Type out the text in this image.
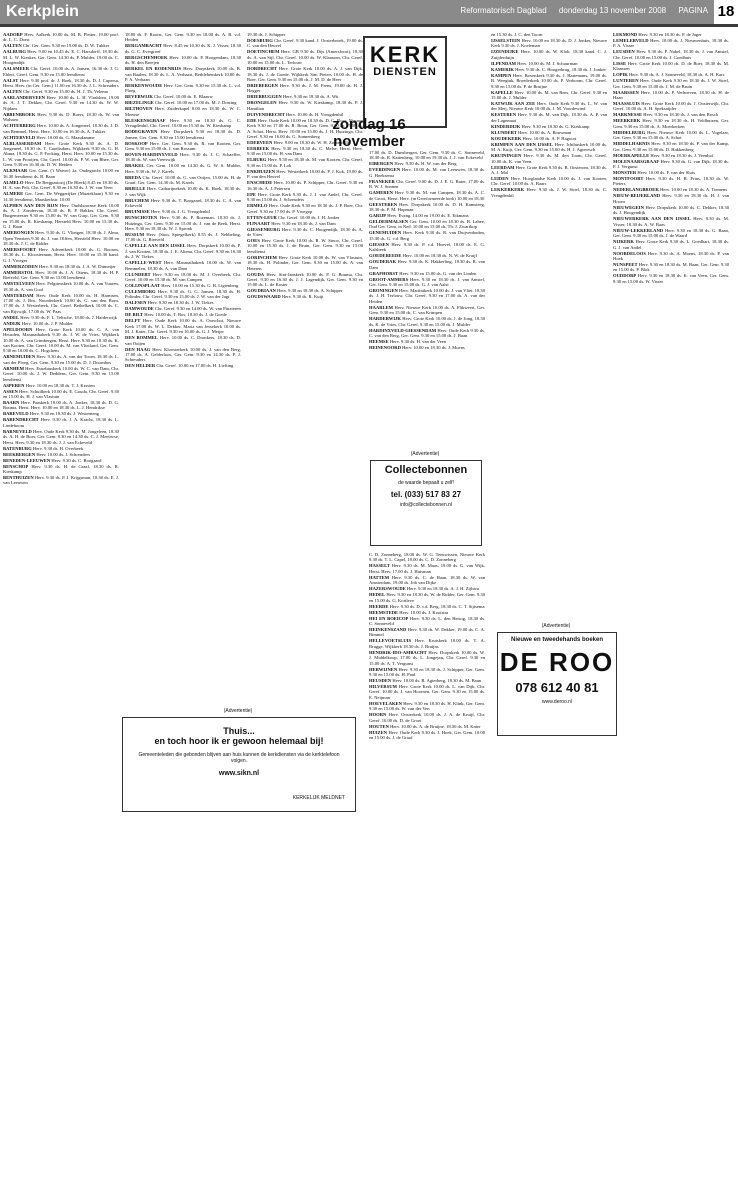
Kerkplein	Reformatorisch Dagblad donderdag 13 november 2008 PAGINA 18

AADORP Herv. Aalkerk 10.00 ds. M. B. Pletter, 19.00 prof. dr. L. C. Dorst

AALTEN Chr. Ger. Gem. 9.30 en 19.00 ds. D. W. Tukker

AALBURG Herv. 9.00 en 10.45 ds. E. C. Harsdorff, 18.30 ds. M. L. W. Kieskes, Ger. Gem. 14.30 ds. P. Mulder, 19.00 ds. C. Hoogendijk

AALSMEER Chr. Geref. 10.00 ds. A. Jansen, 16.30 ds. J. G. Ehlert, Geref. Gem. 9.30 en 15.00 leesdienst

AALST Herv. 9.30 prof. dr. J. Hoek, 18.30 ds. D. J. Cupersa, Herst. Herv. (in Ger. Gem.) 11.00 en 16.30 ds. J. L. Schreuders

AALTEN Chr. Geref. 9.30 en 15.00 ds. H. J. Th. Velema

AARLANDERVEEN Herv. 10.00 ds. L. H. Vlasblom, 19.00 ds. A. J. T. Dekker, Chr. Geref. 9.30 en 14.30 ds. W. W. Nijdam

ABBENBROEK Herv. 9.30 ds. D. Boers, 18.30 ds. W. van Walsum

ACHTERBERG Herv. 10.00 ds. A. Jongeneel, 18.30 ds. J. D. van Bemmel, Herst. Herv. 10.00 en 16.30 ds. A. Tukker

ACHTERVELD Herv. 10.00 ds. G. Maasdamme

ALBLASSERDAM Herv. Grote Kerk 9.30 ds. A. D. Jongeneel, 18.30 ds. T. Careltsdam, Wijkkerk 9.30 ds. G. H. Abma, 18.30 ds. G. P. Focking, Herst. Herv. 10.00 en 15.30 ds. L. W. van Prooijen, Chr. Geref. 10.00 ds. P. W. van Rhee, Ger. Gem. 9.30 en 16.30 ds. D. W. Heiden

ALKMAAR Ger. Gem. ('t Waiver) 2a, Oudegracht 10.00 en 16.30 leesdienst ds. B. Baan

ALMELO Herv. De Bergpastorij (De Bleek) 8.45 en 18.30 ds. H. A. van Pelt, Chr. Geref. 9.30 en 16.30 ds. J. W. van Veen

ALMERE Ger. Gem. De Weggerijker (Muzieklaan) 9.30 en 14.30 leesdienst, Maaskerkstr. 10.00

ALPHEN AAN DEN RIJN Herv. Oudshoornse Kerk 10.00 ds. A. J. Zondervan, 18.30 ds. B. P. Bakker, Chr. Geref. Burgemeester 9.30 en 15.00 ds. W. van Gurp, Ger. Gem. 9.30 en 15.00 ds. R. Kieskamp, Hersteld Herv. 10.00 en 15.30 ds. G. J. Baan

AMERONGEN Herv. 9.30 ds. G. Vlietgen, 18.30 ds. J. Alma, Open Vensters 9.30 ds. J. van Olffen, Hersteld Herv. 10.00 en 18.30 ds. J. C. de Ridder

AMERSFOORT Herv. Adventkerk 10.00 ds. G. Roosen, 18.30 ds. L. Kloosterman, Herst. Herv. 10.00 en 15.30 kand. G. J. Vroeger

AMMERZODEN Herv. 9.30 en 18.30 ds. J. A. W. Ditmeijer

AMMERSTOL Herv. 10.00 ds. J. A. Ottens, 18.30 ds. H. P. Rietveld, Ger. Gem. 9.30 en 15.00 leesdienst

AMSTELVEEN Herv. Pelgrimskerk 10.00 ds. A. van Vuuren, 18.30 ds. A. van Gool

AMSTERDAM Herv. Oude Kerk 10.00 ds. H. Harmsen, 17.00 ds. J. Bos, Noorderkerk 10.00 ds. G. van den Born, 17.00 ds. J. Westerbeek, Chr. Geref. Bethelkerk 10.00 ds. C. van Rijswijk, 17.00 ds. W. Paas

ANDEL Herv. 9.30 ds. F. L. Teltsche, 18.00 ds. J. Harderwijk

ANDIJK Herv. 10.00 ds. J. P. Mulder

APELDOORN Herv. Grote Kerk 10.00 ds. C. A. van Heusden, Maranathakerk 9.30 ds. J. W. de Vries, Wijkkerk 10.00 ds. A. van Grimbergen, Herst. Herv. 9.30 en 18.30 ds. K. van Kooten, Chr. Geref. 10.00 ds. M. van Vlietland, Ger. Gem. 9.30 en 16.00 ds. C. Hogchem

ARNEMUIDEN Herv. 9.30 ds. A. van der Toorn, 18.30 ds. L. van der Ploeg, Ger. Gem. 9.30 en 15.00 ds. D. J. Doornbos

ARNHEM Herv. Eusebiuskerk 10.00 ds. W. C. van Dam, Chr. Geref. 10.00 ds. J. W. Deddens, Ger. Gem. 9.30 en 15.00 leesdienst

ASPEREN Herv. 10.00 en 18.30 ds. T. J. Kersten

ASSEN Herv. Schuilkerk 10.00 ds. E. Gouda, Chr. Geref. 9.30 en 15.00 ds. H. J. van Vlastuin

BAARN Herv. Paaskerk 10.00 ds. A. Jonker, 18.30 ds. D. G. Bouma, Herst. Herv. 10.00 en 18.30 ds. L. J. Hendrikse

BAREVELD Herv. 9.30 en 18.30 ds. J. Westerneng

BARENDRECHT Herv. 9.30 ds. J. A. Kracht, 18.30 ds. L. Lindeboom

BARNEVELD Herv. Oude Kerk 9.30 ds. M. Jongeleen, 18.30 ds. A. H. de Boer, Ger. Gem. 9.30 en 14.30 ds. C. J. Meeuwse, Herst. Herv. 9.30 en 18.30 ds. J. J. van Eckeveld

BATENBURG Herv. 9.30 ds. H. Overbeek

BEEKBERGEN Herv. 10.00 ds. J. Schreuders

BENEDEN-LEEUWEN Herv. 9.30 ds. C. Boogaard

BENSCHOP Herv. 9.30 ds. H. de Graaf, 18.30 ds. R. Kieskamp

BENTHUIZEN Herv. 9.30 ds. P. J. Krijgsman, 18.30 ds. E. J. van Leeuwen

18.00 ds. F. Rootst, Ger. Gem. 9.30 en 18.00 ds. A. B. v.d. Heiden

BERGAMBACHT Herv. 8.45 en 10.30 ds. K. J. Visser, 18.30 ds. G. C. Evergroef

BERGSCHENHOEK Herv. 10.00 ds. P. Hoogendam, 18.30 ds. H. den Breejen

BERKEL EN RODENRIJS Herv. Dorpskerk 10.00 ds. B. van Baalen, 18.30 ds. L. A. Verhaart, Bethlehemkerk 10.00 ds. P. A. Verbaan

BERKENWOUDE Herv. Ger. Gem. 9.30 en 15.30 ds. L. v.d. Ploeg

BEVERWIJK Chr. Geref. 10.00 ds. E. Blaauw

BIEZELINGE Chr. Geref. 10.00 en 17.00 ds. M. J. Dosting

BILTHOVEN Herv. Zuiderkapel 8.00 en 18.30 ds. W. C. Meeuse

BLESKENSGRAAF Herv. 9.30 en 18.30 ds. G. C. Vreugdenhil, Chr. Geref. 10.00 en 15.30 ds. W. Kieskamp

BODEGRAVEN Herv. Dorpskerk 9.30 en 18.30 ds. D. Jansen, Ger. Gem. 9.30 en 15.00 leesdienst

BOSKOOP Herv. Ger. Gem. 9.30 ds. R. van Kooten, Ger. Gem. 9.30 en 15.00 ds. J. van Rossum

BOVEN-HARDINXVELD Herv. 9.30 ds. J. C. Schaeffer, 18.30 ds. W. van Vreeswijk

BRAKEL Ger. Gem. 10.00 en 14.30 ds. G. W. S. Mulder, Herv. 9.30 ds. W. J. Karels

BREDA Chr. Geref. 10.00 ds. G. van Ooijen, 15.00 ds. H. de Graaf, Ger. Gem. 14.30 ds. M. Karels

BRIELLE Herv. Catharijnekerk 10.00 ds. K. Hoek, 18.30 ds. J. van Wijk

BRUCHEM Herv. 9.30 ds. T. Boogaard, 18.30 ds. C. A. van Eckeveld

BRUINISSE Herv. 9.30 ds. J. G. Vreugdenhil

BUNSCHOTEN Herv. 9.30 ds. P. Rozeman, 18.30 ds. J. Huizinga, Ger. Gem. 9.30 en 15.00 ds. J. van de Beek, Herst. Herv. 9.30 en 18.30 ds. W. J. Spronk

BUSSUM Herv. (Sion, Spiegelkerk) 8.55 ds. J. Nebbeling, 17.00 ds. G. Rietveld

CAPELLE AAN DEN IJSSEL Herv. Dorpskerk 10.00 ds. P. J. van Kooten, 18.30 ds. J. E. Altena, Chr. Geref. 9.30 en 16.30 ds. J. W. Tiekes

CAPELLE-WEST Herv. Maranathakerk 10.00 ds. W. van Bemmelen, 18.30 ds. A. van Dam

CLUNDERT Herv. 9.30 en 18.00 ds. M. J. Overbeek, Chr. Geref. 10.00 en 15.30 ds. M. van Campen

COLIJNSPLAAT Herv. 10.00 en 15.30 ds. G. B. Ligtenberg

CULEMBORG Herv. 9.30 ds. G. G. Jansen, 18.30 ds. H. Polinder, Chr. Geref. 9.30 en 15.00 ds. J. W. van der Jagt

DALFSEN Herv. 9.30 en 18.30 ds. J. W. Tiekes

DAMWOUDE Chr. Geref. 9.30 en 14.00 ds. W. van Pinxteren

DE BILT Herv. 10.00 ds. T. Bos, 18.30 ds. J. de Goede

DELFT Herv. Oude Kerk 10.00 ds. A. Oorschot, Nieuwe Kerk 17.00 ds. W. L. Dekker, Maria van Jessekerk 10.00 ds. M. J. Kater, Chr. Geref. 9.30 en 16.00 ds. G. J. Meijer

DEN BOMMEL Herv. 10.00 ds. C. Dronkers, 18.30 ds. D. van Ooijen

DEN HAAG Herv. Kloosterkerk 10.00 ds. J. van den Berg, 17.00 ds. A. Gelderloos, Ger. Gem. 9.30 en 14.30 ds. P. J. Schreuders

DEN HELDER Chr. Geref. 10.00 en 17.00 ds. H. Liefting

19.30 ds. J. Schipper

DOESBURG Chr. Geref. 9.30 kand. J. Oosterbroek, 19.00 ds. C. van den Heuvel

DOETINCHEM Herv. GB 9.30 ds. Dijs (Amersfoort), 18.30 ds. A. van Sijl, Chr. Geref. 10.00 ds. W. Klaassen, Chr. Geref. 10.00 en 15.00 ds. L. Terlouw

DORDRECHT Herv. Grote Kerk 10.00 ds. A. J. van Dijk, 18.30 ds. J. de Goede, Wijkkerk Sint Pieters 10.00 ds. H. de Boer, Ger. Gem. 9.30 en 15.00 ds. J. M. D. de Heer

DRIEBERGEN Herv. 9.30 ds. J. M. Frens, 19.00 ds. H. J. Hegger

DRIEBRUGGEN Herv. 9.30 en 18.30 ds. A. Wit

DRONGELEN Herv. 9.30 ds. W. Kieskamp, 18.30 ds. P. J. Hamilton

DUIVENDRECHT Herv. 10.00 ds. H. Vreugdenhil

EDE Herv. Oude Kerk 10.00 en 18.30 ds. D. C. Floor, Nieuwe Kerk 9.30 en 17.00 ds. R. Boon, Ger. Gem. 9.30 en 17.00 ds. A. Schot, Herst. Herv. 10.00 en 15.00 ds. J. H. Huizinga, Chr. Geref. 9.30 en 16.00 ds. G. Sonnenberg

EDERVEEN Herv. 9.00 en 18.30 ds. W. H. Zoutewelle

EERBEEK Herv. 9.30 en 18.30 ds. C. Melse, Herst. Herv. 9.30 en 15.00 ds. H. van Dam

ELBURG Herv. 9.30 en 18.30 ds. M. van Kooten, Chr. Geref. 9.30 en 15.00 ds. P. Lok

ENKHUIZEN Herv. Westerkerk 10.00 ds. P. J. Kok, 19.00 ds. P. van den Heuvel

ENSCHEDE Herv. 10.00 ds. P. Schipper, Chr. Geref. 9.30 en 16.30 ds. A. J. Petersen

EPE Herv. Grote Kerk 9.30 ds. J. J. van Andel, Chr. Geref. 9.30 en 15.00 ds. J. Schreuders

ERMELO Herv. Oude Kerk 9.30 en 18.30 ds. J. P. Boer, Chr. Geref. 9.30 en 17.00 ds. P. Vroegop

ETTEN-LEUR Chr. Geref. 10.00 ds. J. H. Jonker

FIJNAART Herv. 9.30 en 18.30 ds. J. van Dam

GIESSENBURG Herv. 9.30 ds. C. Hoogendijk, 18.30 ds. A. de Vries

GOES Herv. Grote Kerk 10.00 ds. R. W. Sinoo, Chr. Geref. 10.00 en 15.30 ds. J. de Bruin, Ger. Gem. 9.30 en 15.00 leesdienst

GORINCHEM Herv. Grote Kerk 10.00 ds. W. van Vlastuin, 18.30 ds. H. Polinder, Ger. Gem. 9.30 en 15.00 ds. A. van Heteren

GOUDA Herv. Sint-Janskerk 10.00 ds. P. G. Bouma, Chr. Geref. 9.30 en 16.30 ds. J. J. Lagendijk, Ger. Gem. 9.30 en 15.00 ds. L. de Koster

GOUDRIAAN Herv. 9.30 en 18.30 ds. A. Schipper

GOUDSWAARD Herv. 9.30 ds. R. Kuijt

17.00 ds. D. Dunsbergen, Ger. Gem. 9.30 ds. C. Sonneveld, 18.30 ds. R. Kattenberg, 10.00 en 19.30 ds. J. J. van Eckeveld

EIBERGEN Herv. 9.30 ds. H. W. van der Berg

EVERDINGEN Herv. 10.00 ds. M. van Leeuwen, 18.30 ds. G. Hoeksema

FRANEKER Chr. Geref. 9.00 ds. D. J. E. G. Rater, 17.00 ds. R. W. J. Sonnen

GAMEREN Herv. 9.30 ds. M. van Campen, 18.30 ds. A. C. de Groot, Herst. Herv. (in Gereformeerde kerk) 10.00 en 18.30

GEESTEREN Herv. Dorpskerk 10.00 ds. D. H. Kamsteeg, 18.30 ds. P. M. Hopman

GARIJP Herv. Evang. 14.00 en 19.00 ds. E. Eikmans

GELDERMALSEN Ger. Gem. 10.00 en 18.30 ds. B. Labee, Oud Ger. Gem. in Ned. 10.00 en 15.00 ds. Th. J. Zwartkop

GENEMUIDEN Herv. Kerk 9.30 ds. R. van Duijvenboden, 15.30 ds. G. v.d. Berg

GIESSEN Herv. 9.30 ds. P. v.d. Hoevel, 18.00 ds. E. G. Kalsbeek

GOEDEREEDE Herv. 10.00 en 18.30 ds. N. W. de Kruijf

GOUDERAK Herv. 9.30 ds. K. Hakkerling, 18.30 ds. R. van Dam

GRAFHORST Herv. 9.30 en 15.00 ds. G. van der Linden

GROOT-AMMERS Herv. 9.30 en 18.30 ds. J. van Amstel, Ger. Gem. 9.30 en 15.00 ds. G. J. van Aalst

GRONINGEN Herv. Martinikerk 10.00 ds. J. van Vliet, 18.30 ds. J. H. Terlouw, Chr. Geref. 9.30 en 17.00 ds. A. van der Heiden

HAARLEM Herv. Nieuwe Kerk 10.00 ds. A. Flikweert, Ger. Gem. 9.30 en 15.00 ds. C. van Krimpen

HARDERWIJK Herv. Grote Kerk 10.00 ds. J. de Jong, 18.30 ds. K. de Vries, Chr. Geref. 9.30 en 15.00 ds. J. Mulder

HARDINXVELD-GIESSENDAM Herv. Oude Kerk 9.30 ds. C. van den Berg, Ger. Gem. 9.30 en 15.00 ds. J. Baan

HEEMSE Herv. 9.30 ds. H. van der Veen

HEINENOORD Herv. 10.00 en 18.30 ds. J. Moens

en 15.30 ds. J. C. den Toorn

IJSSELSTEIN Herv. 10.00 en 18.30 ds. D. J. Jonker, Nieuwe Kerk 9.30 ds. J. Koeleman

IJZENDIJKE Herv. 10.00 ds. W. Klok, 18.30 kand. C. J. Zuijderduijn

ILPENDAM Herv. 10.00 ds. M. J. Schuurman

KAMERIK Herv. 9.30 ds. C. Hoogerbrug, 18.30 ds. J. Jonker

KAMPEN Herv. Bovenkerk 9.30 ds. J. Hartemans, 19.00 ds. B. Weegink, Broederkerk 10.00 ds. P. Verboom, Chr. Geref. 9.30 en 15.00 ds. P. de Bruijne

KAPELLE Herv. 10.00 ds. M. van Rees, Chr. Geref. 9.30 en 15.00 ds. J. Mulder

KATWIJK AAN ZEE Herv. Oude Kerk 9.30 ds. L. W. van der Meij, Nieuwe Kerk 10.00 ds. J. M. Voordewind

KESTEREN Herv. 9.30 ds. M. van Dijk, 18.30 ds. A. P. van der Lagemaat

KINDERDIJK Herv. 9.30 en 18.30 ds. G. Kieskamp

KLUNDERT Herv. 10.00 ds. A. Bouwman

KOUDEKERK Herv. 10.00 ds. A. P. Hagoort

KRIMPEN AAN DEN IJSSEL Herv. Ichthuskerk 10.00 ds. M. A. Kuijt, Ger. Gem. 9.30 en 15.00 ds. H. J. Agteresch

KRUININGEN Herv. 9.30 ds. M. den Toom, Chr. Geref. 10.00 ds. K. van Veen

LEERDAM Herv. Grote Kerk 9.30 ds. B. Oosterom, 18.30 ds. A. J. Mol

LEIDEN Herv. Hooglandse Kerk 10.00 ds. J. van Kooten, Chr. Geref. 10.00 ds. A. Baars

LEKKERKERK Herv. 9.30 ds. J. W. Stoel, 18.30 ds. C. Vreugdenhil

LEKMOND Herv. 9.30 en 18.30 ds. P. de Jager

LEMELERVELD Herv. 10.00 ds. J. Nieuwenhuis, 18.30 ds. P. A. Visser

LEUSDEN Herv. 9.30 ds. P. Nabel, 18.30 ds. J. van Amstel, Chr. Geref. 10.00 en 15.00 ds. J. Goedhuis

LISSE Herv. Grote Kerk 10.00 ds. D. de Boer, 18.30 ds. M. Klaassen

LOPIK Herv. 9.30 ds. A. J. Sonneveld, 18.30 ds. A. H. Kars

LUNTEREN Herv. Oude Kerk 9.30 en 18.30 ds. J. W. Stoel, Ger. Gem. 9.30 en 15.00 ds. J. M. de Bruin

MAARSSEN Herv. 10.00 ds. P. Verhoeven, 18.30 ds. H. de Haan

MAASSLUIS Herv. Grote Kerk 10.00 ds. J. Oosterwijk, Chr. Geref. 10.00 ds. A. H. Speksnijder

MARKNESSE Herv. 9.30 en 18.30 ds. J. van den Bosch

MEERKERK Herv. 9.30 en 18.30 ds. H. Veldhuizen, Ger. Gem. 9.30 en 15.00 ds. A. Moerkerken

MIDDELBURG Herv. Nieuwe Kerk 10.00 ds. L. Vogelaar, Ger. Gem. 9.30 en 15.00 ds. A. Schot

MIDDELHARNIS Herv. 9.30 en 18.30 ds. P. van der Kamp, Ger. Gem. 9.30 en 15.00 ds. D. Hakkenberg

MOERKAPELLE Herv. 9.30 en 18.30 ds. J. Veenhof

MOLENAARSGRAAF Herv. 9.30 ds. G. van Dijk, 18.30 ds. P. J. Vergunst

MONSTER Herv. 10.00 ds. F. van der Sluis

MONTFOORT Herv. 9.30 ds. H. R. Prins, 18.30 ds. W. Pieters

NEDERLANGBROEK Herv. 10.00 en 18.30 ds. A. Tiemens

NIEUW-BEIJERLAND Herv. 9.30 en 18.30 ds. H. J. van Hoorn

NIEUWEGEIN Herv. Dorpskerk 10.00 ds. C. Dekker, 18.30 ds. J. Hoogendijk

NIEUWERKERK AAN DEN IJSSEL Herv. 9.30 ds. M. Visser, 18.30 ds. A. W. Baas

NIEUW-LEKKERLAND Herv. 9.30 en 18.30 ds. G. Baan, Ger. Gem. 9.30 en 15.00 ds. J. de Waard

NIJKERK Herv. Grote Kerk 9.30 ds. L. Goedhart, 18.30 ds. G. J. van Andel

NOORDELOOS Herv. 9.30 ds. A. Moens, 18.30 ds. P. van Hoek

NUNSPEET Herv. 9.30 en 18.30 ds. M. Baan, Ger. Gem. 9.30 en 15.00 ds. P. Blok

OUDDORP Herv. 9.30 en 18.30 ds. K. van Veen, Ger. Gem. 9.30 en 15.00 ds. W. Visser

C. D. Zonneberg, 18.00 ds. W. G. Teeuwissen, Nieuwe Kerk 9.30 ds. T. L. Capel, 18.00 ds. C. D. Zonneberg

HASSELT Herv. 9.30 ds. M. Maas, 19.00 ds. G. van Wijk, Herst. Herv. 17.00 ds. J. Huisman

HATTEM Herv. 9.30 ds. C. de Haan, 18.30 ds. W. van Amsterdam, 19.00 ds. Job van Dijke

HAZERSWOUDE Herv. 9.30 en 18.30 ds. A. J. H. Zijlstra

HEDEL Herv. 9.30 en 18.30 ds. W. de Ridder, Ger. Gem. 9.30 en 15.00 ds. G. Kortleve

HEERDE Herv. 9.30 ds. D. v.d. Berg, 18.30 ds. C. T. Sijtsema

HEEMSTEDE Herv. 10.00 ds. J. Kooistra

HEI EN BOEICOP Herv. 9.30 ds. L. den Hertog, 18.30 ds. C. Sonneveld

HEINKENSZAND Herv. 9.30 ds. W. Dekker, 19.00 ds. C. A. Bimmel

HELLEVOETSLUIS Herv. Kruiskerk 10.00 ds. T. A. Brugge, Wijkkerk 18.30 ds. J. Bruijns

HENDRIK-IDO-AMBACHT Herv. Dorpskerk 10.00 ds. W. J. Middelkoop, 17.00 ds. L. Jongejan, Chr. Geref. 9.30 en 15.00 ds. A. T. Vergunst

HERWIJNEN Herv. 9.30 en 18.30 ds. J. Schipper, Ger. Gem. 9.30 en 15.00 ds. H. Paul

HEUSDEN Herv. 10.00 ds. B. Agterberg, 18.30 ds. M. Baan

HILVERSUM Herv. Grote Kerk 10.00 ds. L. van Dijk, Chr. Geref. 10.00 ds. J. van Hoornen, Ger. Gem. 9.30 en 15.00 ds. E. Neijman

HOEVELAKEN Herv. 9.30 en 18.30 ds. H. Klink, Ger. Gem. 9.30 en 15.00 ds. W. van der Ven

HOORN Herv. Oosterkerk 10.00 ds. J. A. de Kruijf, Chr. Geref. 10.00 ds. D. de Groot

HOUTEN Herv. 10.00 ds. A. de Bruijne, 18.30 ds. M. Kater

HUIZEN Herv. Oude Kerk 9.30 ds. J. Hoek, Ger. Gem. 10.00 en 15.00 ds. J. de Graaf

KERK
DIENSTEN
zondag 16 november
(Advertentie)
Thuis...
en toch hoor ik er gewoon helemaal bij!
Gemeenteleden die gebonden blijven aan huis kunnen de kerkdiensten via de kerktelefoon volgen.
www.sikn.nl
KERKELIJK MELDNET
(Advertentie)
Collectebonnen
de waarde bepaalt u zelf!
tel. (033) 517 83 27
info@collectebonnen.nl
(Advertentie)
Nieuwe en tweedehands boeken
DE ROO
078 612 40 81
www.deroo.nl
